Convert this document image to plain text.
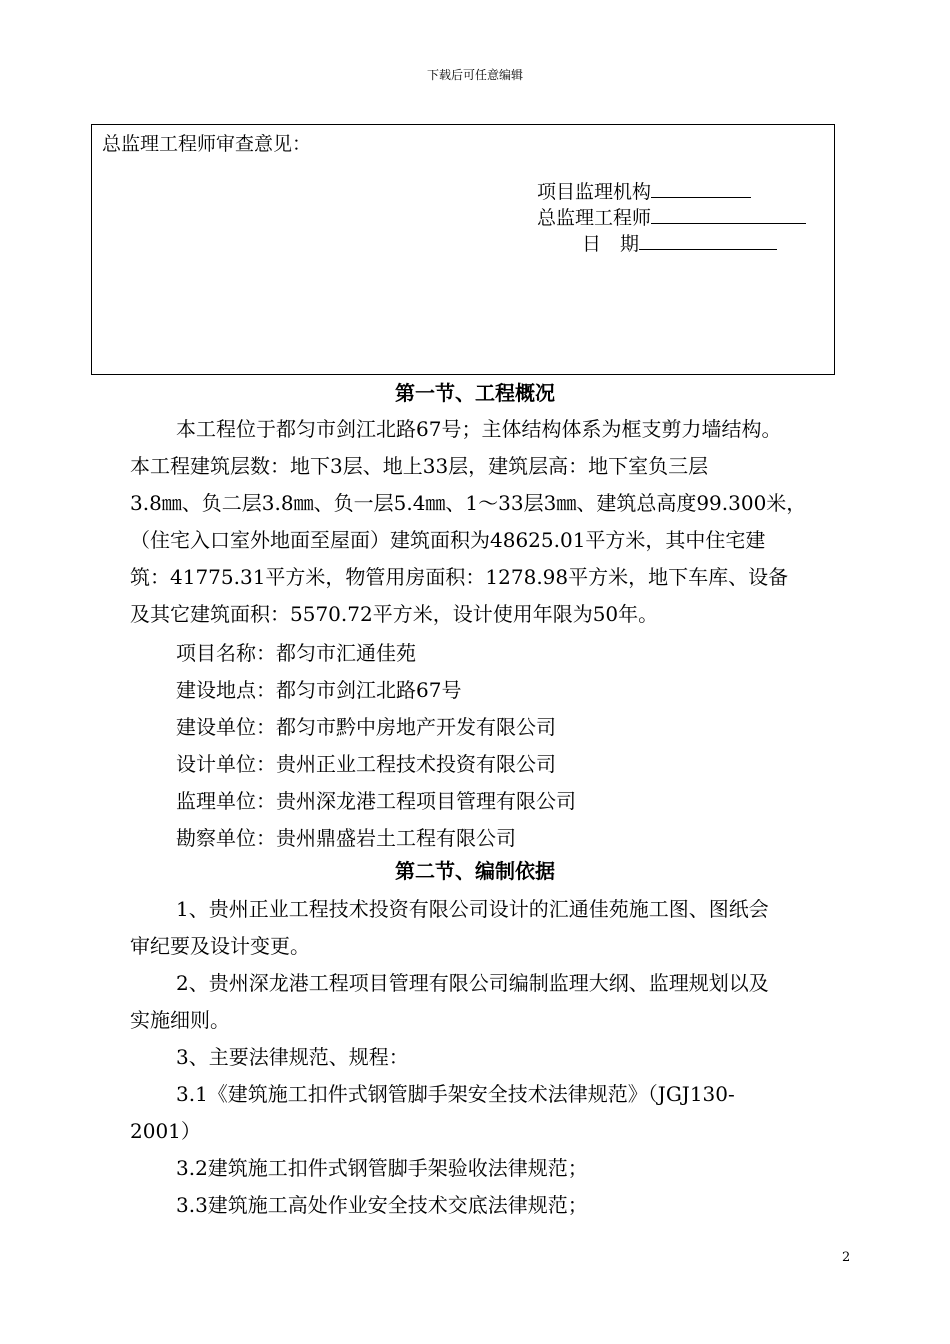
下载后可任意编辑
总监理工程师审查意见：
项目监理机构
总监理工程师
日　期
第一节、工程概况
本工程位于都匀市剑江北路67号；主体结构体系为框支剪力墙结构。
本工程建筑层数：地下3层、地上33层，建筑层高：地下室负三层
3.8㎜、负二层3.8㎜、负一层5.4㎜、1～33层3㎜、建筑总高度99.300米，
（住宅入口室外地面至屋面）建筑面积为48625.01平方米，其中住宅建
筑：41775.31平方米，物管用房面积：1278.98平方米，地下车库、设备
及其它建筑面积：5570.72平方米，设计使用年限为50年。
项目名称：都匀市汇通佳苑
建设地点：都匀市剑江北路67号
建设单位：都匀市黔中房地产开发有限公司
设计单位：贵州正业工程技术投资有限公司
监理单位：贵州深龙港工程项目管理有限公司
勘察单位：贵州鼎盛岩土工程有限公司
第二节、编制依据
1、贵州正业工程技术投资有限公司设计的汇通佳苑施工图、图纸会
审纪要及设计变更。
2、贵州深龙港工程项目管理有限公司编制监理大纲、监理规划以及
实施细则。
3、主要法律规范、规程：
3.1《建筑施工扣件式钢管脚手架安全技术法律规范》（JGJ130-
2001）
3.2建筑施工扣件式钢管脚手架验收法律规范；
3.3建筑施工高处作业安全技术交底法律规范；
2
